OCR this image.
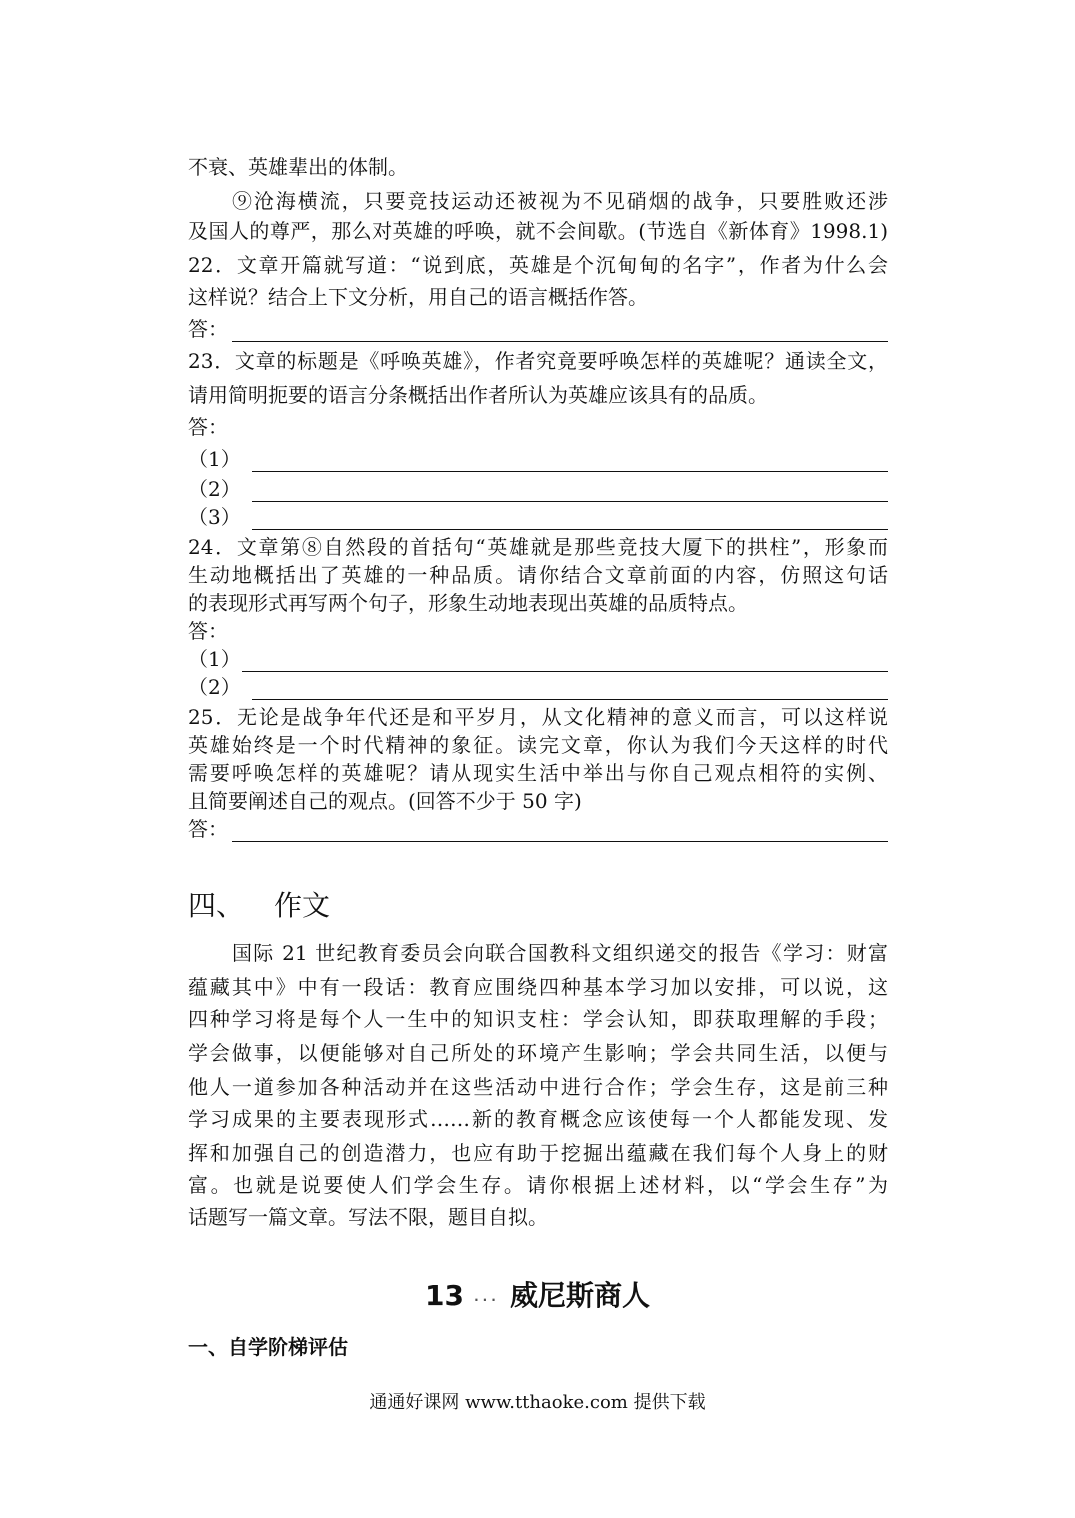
不衰、英雄辈出的体制。
⑨沧海横流，只要竞技运动还被视为不见硝烟的战争，只要胜败还涉
及国人的尊严，那么对英雄的呼唤，就不会间歇。(节选自《新体育》1998.1)
22．文章开篇就写道：“说到底，英雄是个沉甸甸的名字”，作者为什么会
这样说？结合上下文分析，用自己的语言概括作答。
答：
23．文章的标题是《呼唤英雄》，作者究竟要呼唤怎样的英雄呢？通读全文，
请用简明扼要的语言分条概括出作者所认为英雄应该具有的品质。
答：
（1）
（2）
（3）
24．文章第⑧自然段的首括句“英雄就是那些竞技大厦下的拱柱”，形象而
生动地概括出了英雄的一种品质。请你结合文章前面的内容，仿照这句话
的表现形式再写两个句子，形象生动地表现出英雄的品质特点。
答：
（1）
（2）
25．无论是战争年代还是和平岁月，从文化精神的意义而言，可以这样说
英雄始终是一个时代精神的象征。读完文章，你认为我们今天这样的时代
需要呼唤怎样的英雄呢？请从现实生活中举出与你自己观点相符的实例、
且简要阐述自己的观点。(回答不少于 50 字)
答：
四、 作文
国际 21 世纪教育委员会向联合国教科文组织递交的报告《学习：财富
蕴藏其中》中有一段话：教育应围绕四种基本学习加以安排，可以说，这
四种学习将是每个人一生中的知识支柱：学会认知，即获取理解的手段；
学会做事，以便能够对自己所处的环境产生影响；学会共同生活，以便与
他人一道参加各种活动并在这些活动中进行合作；学会生存，这是前三种
学习成果的主要表现形式……新的教育概念应该使每一个人都能发现、发
挥和加强自己的创造潜力，也应有助于挖掘出蕴藏在我们每个人身上的财
富。也就是说要使人们学会生存。请你根据上述材料，以“学会生存”为
话题写一篇文章。写法不限，题目自拟。
13 ... 威尼斯商人
一、自学阶梯评估
通通好课网 www.tthaoke.com 提供下载
